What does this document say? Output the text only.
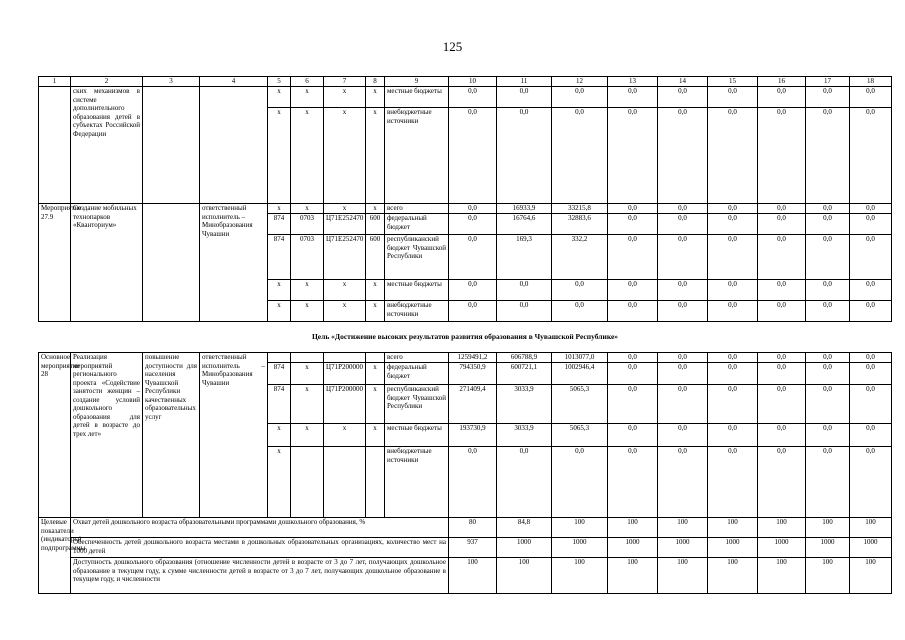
125
1	2	3	4	5	6	7	8	9	10	11	12	13	14	15	16	17	18
	ских механизмов в системе дополнительного образования детей в субъектах Российской Федерации			x	x	x	x	местные бюджеты	0,0	0,0	0,0	0,0	0,0	0,0	0,0	0,0	0,0
				x	x	x	x	внебюджетные источники	0,0	0,0	0,0	0,0	0,0	0,0	0,0	0,0	0,0
Мероприятие 27.9	Создание мобильных технопарков «Кванториум»		ответственный исполнитель – Минобразования Чувашии	x	x	x	x	всего	0,0	16933,9	33215,8	0,0	0,0	0,0	0,0	0,0	0,0
				874	0703	Ц71Е252470	600	федеральный бюджет	0,0	16764,6	32883,6	0,0	0,0	0,0	0,0	0,0	0,0
				874	0703	Ц71Е252470	600	республиканский бюджет Чувашской Республики	0,0	169,3	332,2	0,0	0,0	0,0	0,0	0,0	0,0
				x	x	x	x	местные бюджеты	0,0	0,0	0,0	0,0	0,0	0,0	0,0	0,0	0,0
				x	x	x	x	внебюджетные источники	0,0	0,0	0,0	0,0	0,0	0,0	0,0	0,0	0,0
Цель «Достижение высоких результатов развития образования в Чувашской Республике»																	
Основное мероприятие 28	Реализация мероприятий регионального проекта «Содействие занятости женщин – создание условий дошкольного образования для детей в возрасте до трех лет»	повышение доступности для населения Чувашской Республики качественных образовательных услуг	ответственный исполнитель – Минобразования Чувашии					всего	1259491,2	606788,9	1013077,0	0,0	0,0	0,0	0,0	0,0	0,0
				874	x	Ц71Р200000	x	федеральный бюджет	794350,9	600721,1	1002946,4	0,0	0,0	0,0	0,0	0,0	0,0
				874	x	Ц71Р200000	x	республиканский бюджет Чувашской Республики	271409,4	3033,9	5065,3	0,0	0,0	0,0	0,0	0,0	0,0
				x	x	x	x	местные бюджеты	193730,9	3033,9	5065,3	0,0	0,0	0,0	0,0	0,0	0,0
				x				внебюджетные источники	0,0	0,0	0,0	0,0	0,0	0,0	0,0	0,0	0,0
Целевые показатели (индикаторы) подпрограммы	Охват детей дошкольного возраста образовательными программами дошкольного образования, %								80	84,8	100	100	100	100	100	100	100
	Обеспеченность детей дошкольного возраста местами в дошкольных образовательных организациях, количество мест на 1000 детей								937	1000	1000	1000	1000	1000	1000	1000	1000
	Доступность дошкольного образования (отношение численности детей в возрасте от 3 до 7 лет, получающих дошкольное образование в текущем году, к сумме численности детей в возрасте от 3 до 7 лет, получающих дошкольное образование в текущем году, и численности								100	100	100	100	100	100	100	100	100
